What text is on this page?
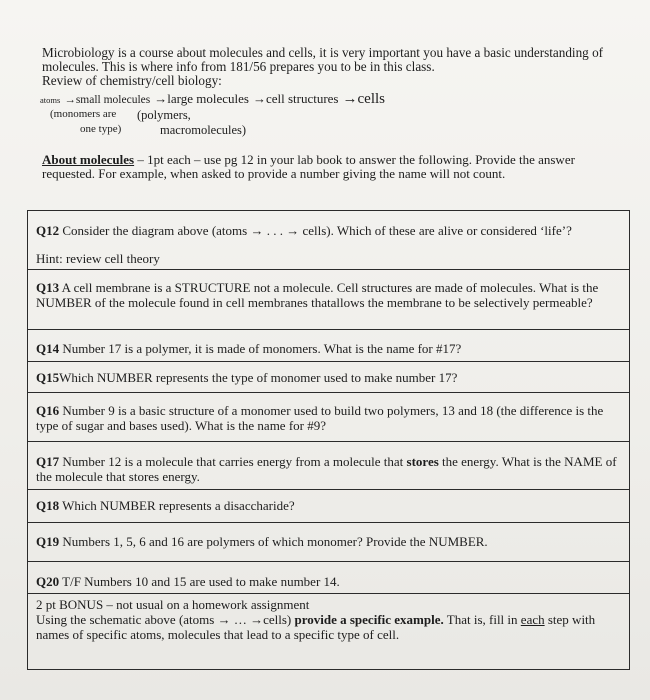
Microbiology is a course about molecules and cells, it is very important you have a basic understanding of molecules. This is where info from 181/56 prepares you to be in this class.

Review of chemistry/cell biology:

atoms →small molecules →large molecules →cell structures →cells
(monomers are
one type)
(polymers,
macromolecules)
About molecules – 1pt each – use pg 12 in your lab book to answer the following. Provide the answer requested. For example, when asked to provide a number giving the name will not count.
Q12 Consider the diagram above (atoms → . . . → cells). Which of these are alive or considered ‘life’?
Hint: review cell theory
Q13 A cell membrane is a STRUCTURE not a molecule. Cell structures are made of molecules. What is the NUMBER of the molecule found in cell membranes thatallows the membrane to be selectively permeable?
Q14 Number 17 is a polymer, it is made of monomers. What is the name for #17?
Q15Which NUMBER represents the type of monomer used to make number 17?
Q16 Number 9 is a basic structure of a monomer used to build two polymers, 13 and 18 (the difference is the type of sugar and bases used). What is the name for #9?
Q17 Number 12 is a molecule that carries energy from a molecule that stores the energy. What is the NAME of the molecule that stores energy.
Q18 Which NUMBER represents a disaccharide?
Q19 Numbers 1, 5, 6 and 16 are polymers of which monomer? Provide the NUMBER.
Q20 T/F Numbers 10 and 15 are used to make number 14.
2 pt BONUS – not usual on a homework assignment
Using the schematic above (atoms → … →cells) provide a specific example. That is, fill in each step with names of specific atoms, molecules that lead to a specific type of cell.
